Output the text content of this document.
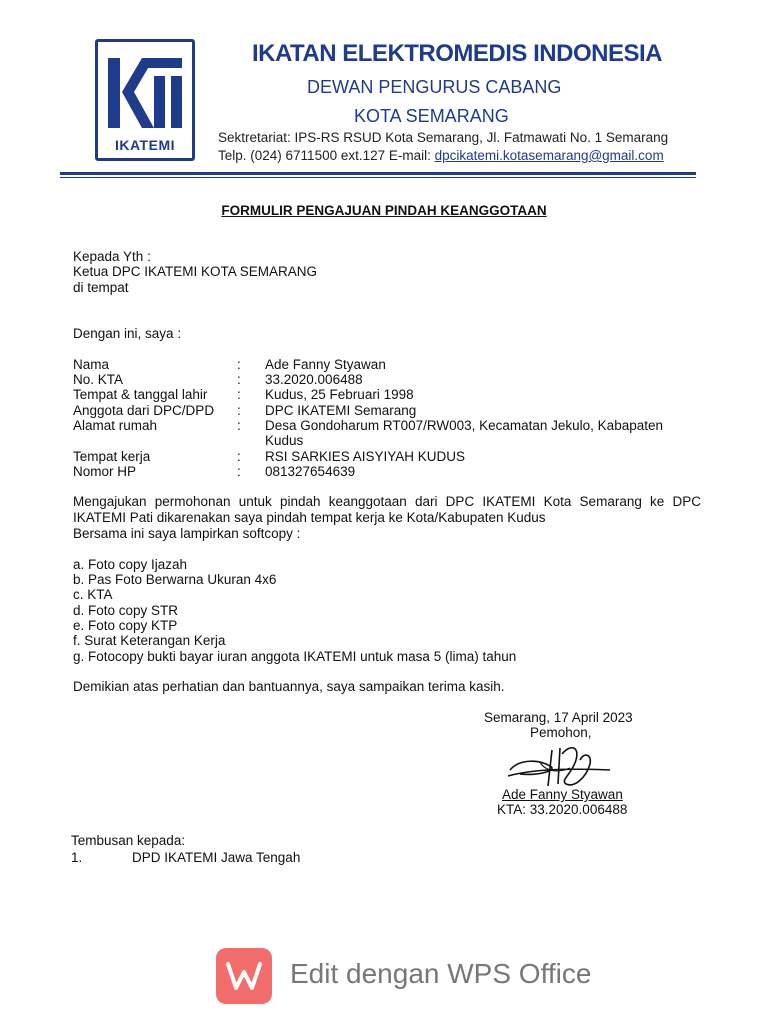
IKATEMI
IKATAN ELEKTROMEDIS INDONESIA
DEWAN PENGURUS CABANG
KOTA SEMARANG
Sektretariat: IPS-RS RSUD Kota Semarang, Jl. Fatmawati No. 1 Semarang
Telp. (024) 6711500 ext.127 E-mail: dpcikatemi.kotasemarang@gmail.com
FORMULIR PENGAJUAN PINDAH KEANGGOTAAN
Kepada Yth :
Ketua DPC IKATEMI KOTA SEMARANG
di tempat
Dengan ini, saya :
Nama	: Ade Fanny Styawan
No. KTA	: 33.2020.006488
Tempat & tanggal lahir : Kudus, 25 Februari 1998
Anggota dari DPC/DPD : DPC IKATEMI Semarang
Alamat rumah	: Desa Gondoharum RT007/RW003, Kecamatan Jekulo, Kabapaten
Kudus
Tempat kerja	: RSI SARKIES AISYIYAH KUDUS
Nomor HP	: 081327654639
Mengajukan permohonan untuk pindah keanggotaan dari DPC IKATEMI Kota Semarang ke DPC IKATEMI Pati dikarenakan saya pindah tempat kerja ke Kota/Kabupaten Kudus
Bersama ini saya lampirkan softcopy :
a. Foto copy Ijazah
b. Pas Foto Berwarna Ukuran 4x6
c. KTA
d. Foto copy STR
e. Foto copy KTP
f. Surat Keterangan Kerja
g. Fotocopy bukti bayar iuran anggota IKATEMI untuk masa 5 (lima) tahun
Demikian atas perhatian dan bantuannya, saya sampaikan terima kasih.
Semarang, 17 April 2023
Pemohon,
Ade Fanny Styawan
KTA: 33.2020.006488
Tembusan kepada:
1.	DPD IKATEMI Jawa Tengah
Edit dengan WPS Office
